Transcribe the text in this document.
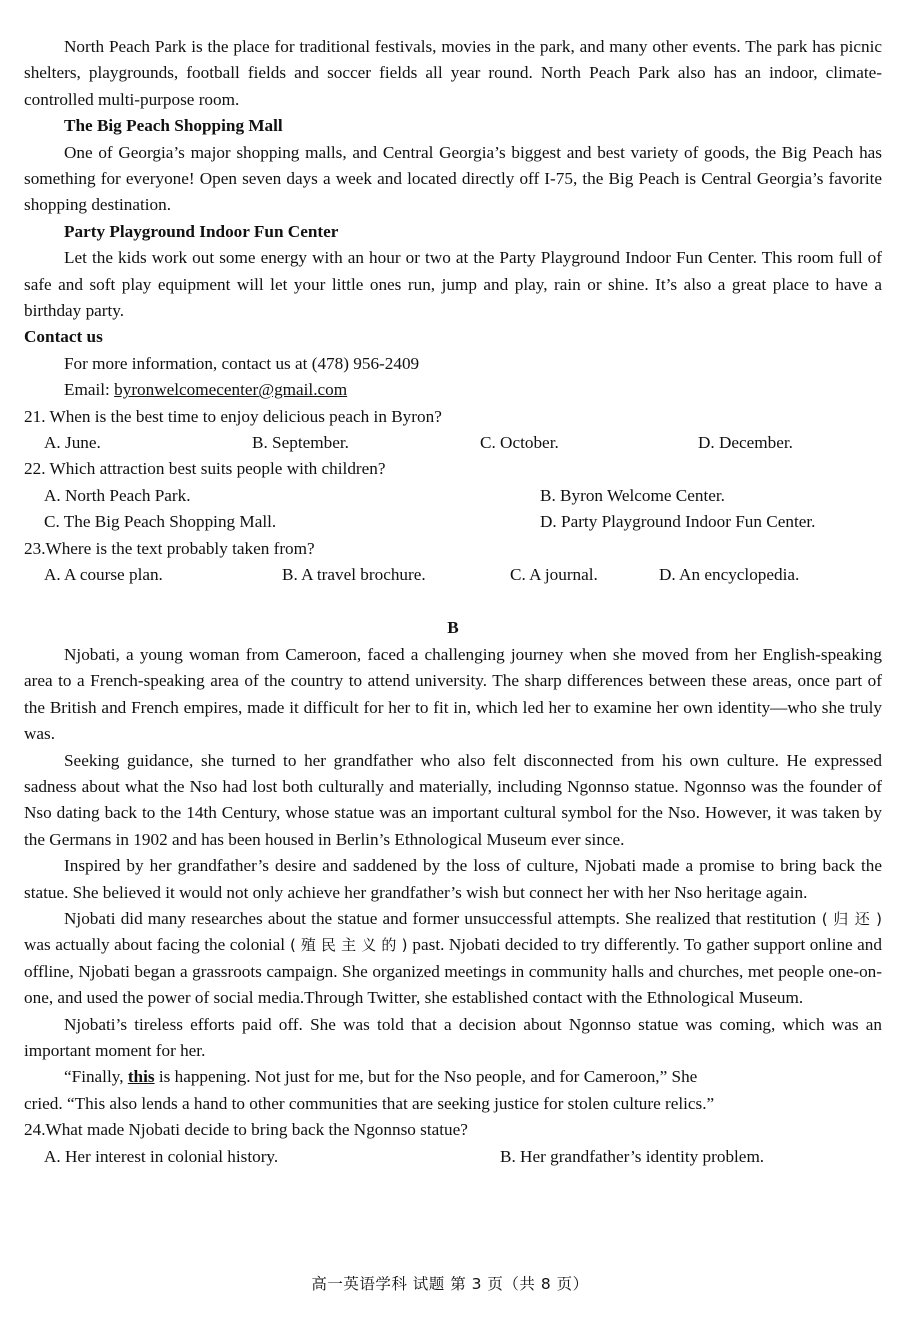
North Peach Park is the place for traditional festivals, movies in the park, and many other events. The park has picnic shelters, playgrounds, football fields and soccer fields all year round. North Peach Park also has an indoor, climate-controlled multi-purpose room.

The Big Peach Shopping Mall

One of Georgia’s major shopping malls, and Central Georgia’s biggest and best variety of goods, the Big Peach has something for everyone! Open seven days a week and located directly off I-75, the Big Peach is Central Georgia’s favorite shopping destination.

Party Playground Indoor Fun Center

Let the kids work out some energy with an hour or two at the Party Playground Indoor Fun Center. This room full of safe and soft play equipment will let your little ones run, jump and play, rain or shine. It’s also a great place to have a birthday party.

Contact us

For more information, contact us at (478) 956-2409

Email: byronwelcomecenter@gmail.com

21. When is the best time to enjoy delicious peach in Byron?

A. June.	B. September.	C. October.	D. December.

22. Which attraction best suits people with children?

A. North Peach Park.	B. Byron Welcome Center.
C. The Big Peach Shopping Mall.	D. Party Playground Indoor Fun Center.

23.Where is the text probably taken from?

A. A course plan.	B. A travel brochure.	C. A journal.	D. An encyclopedia.

B

Njobati, a young woman from Cameroon, faced a challenging journey when she moved from her English-speaking area to a French-speaking area of the country to attend university. The sharp differences between these areas, once part of the British and French empires, made it difficult for her to fit in, which led her to examine her own identity—who she truly was.

Seeking guidance, she turned to her grandfather who also felt disconnected from his own culture. He expressed sadness about what the Nso had lost both culturally and materially, including Ngonnso statue. Ngonnso was the founder of Nso dating back to the 14th Century, whose statue was an important cultural symbol for the Nso. However, it was taken by the Germans in 1902 and has been housed in Berlin’s Ethnological Museum ever since.

Inspired by her grandfather’s desire and saddened by the loss of culture, Njobati made a promise to bring back the statue. She believed it would not only achieve her grandfather’s wish but connect her with her Nso heritage again.

Njobati did many researches about the statue and former unsuccessful attempts. She realized that restitution ( 归 还 ) was actually about facing the colonial ( 殖 民 主 义 的 ) past. Njobati decided to try differently. To gather support online and offline, Njobati began a grassroots campaign. She organized meetings in community halls and churches, met people one-on-one, and used the power of social media.Through Twitter, she established contact with the Ethnological Museum.

Njobati’s tireless efforts paid off. She was told that a decision about Ngonnso statue was coming, which was an important moment for her.

“Finally, this is happening. Not just for me, but for the Nso people, and for Cameroon,” She

cried. “This also lends a hand to other communities that are seeking justice for stolen culture relics.”

24.What made Njobati decide to bring back the Ngonnso statue?

A. Her interest in colonial history.	B. Her grandfather’s identity problem.
高一英语学科 试题 第 3 页（共 8 页）
